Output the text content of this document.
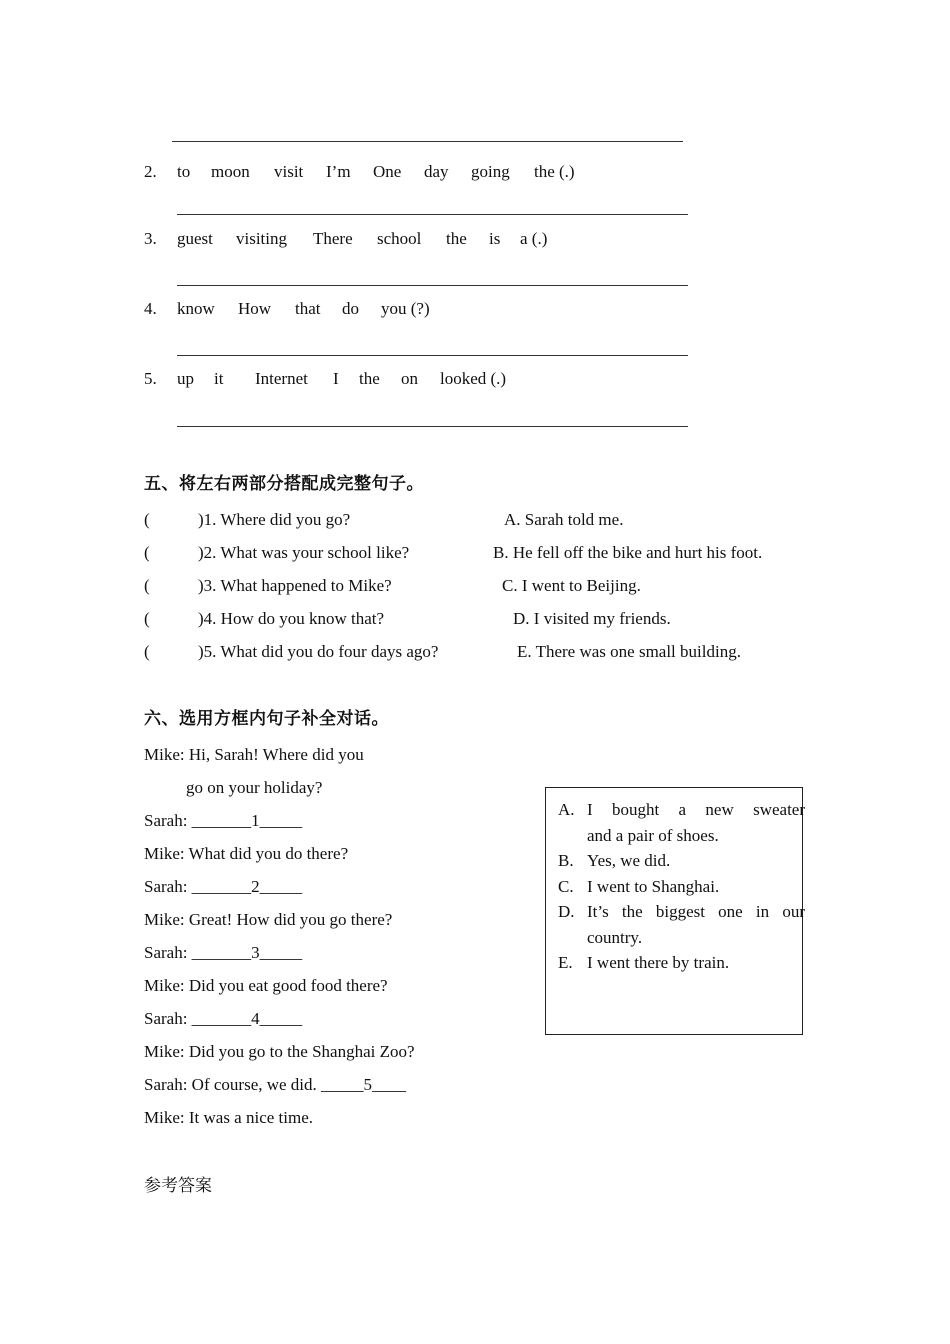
2. to moon visit I’m One day going the (.)
3. guest visiting There school the is a (.)
4. know How that do you (?)
5. up it Internet I the on looked (.)
五、将左右两部分搭配成完整句子。
(	)1. Where did you go?	A. Sarah told me.
(	)2. What was your school like?	B. He fell off the bike and hurt his foot.
(	)3. What happened to Mike?	C. I went to Beijing.
(	)4. How do you know that?	D. I visited my friends.
(	)5. What did you do four days ago?	E. There was one small building.
六、选用方框内句子补全对话。
Mike: Hi, Sarah! Where did you
go on your holiday?
Sarah: _______1_____
Mike: What did you do there?
Sarah: _______2_____
Mike: Great! How did you go there?
Sarah: _______3_____
Mike: Did you eat good food there?
Sarah: _______4_____
Mike: Did you go to the Shanghai Zoo?
Sarah: Of course, we did. _____5____
Mike: It was a nice time.
A. I bought a new sweater
and a pair of shoes.
B. Yes, we did.
C. I went to Shanghai.
D. It’s the biggest one in our
country.
E. I went there by train.
参考答案
